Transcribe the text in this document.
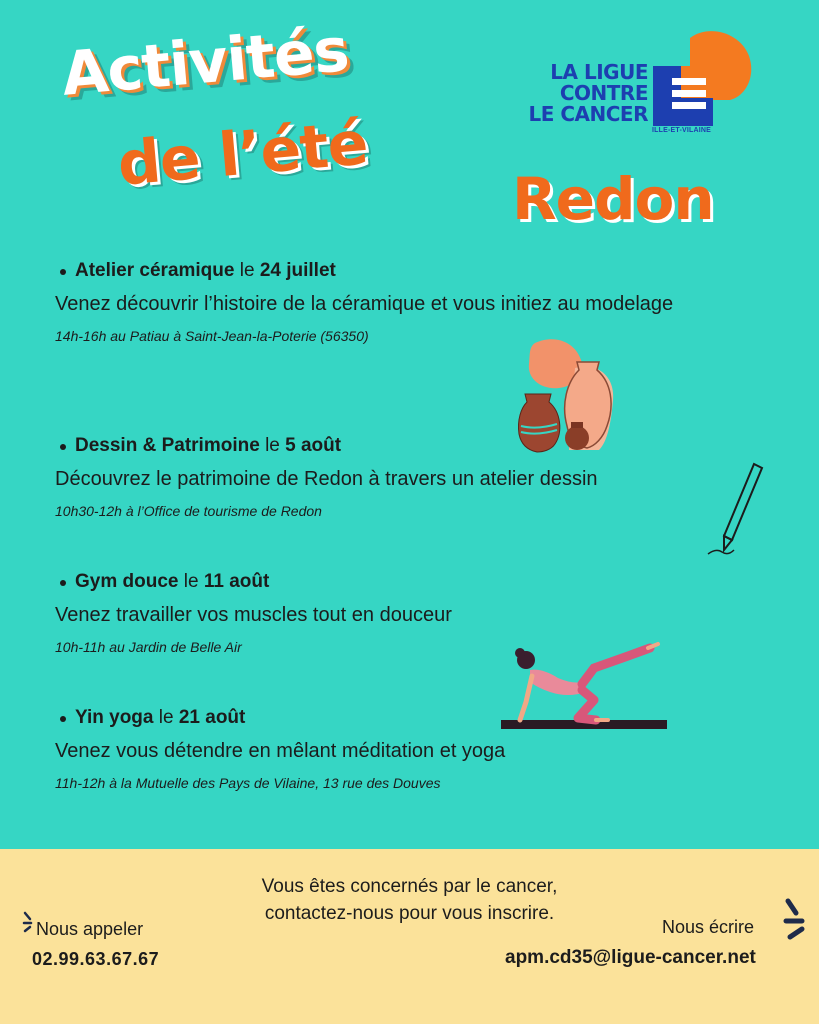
Activités
de l’été
LA LIGUE
CONTRE
LE CANCER
ILLE-ET-VILAINE
Redon

Atelier céramique le 24 juillet

Venez découvrir l’histoire de la céramique et vous initiez au modelage

14h-16h au Patiau à Saint-Jean-la-Poterie (56350)

Dessin & Patrimoine le 5 août

Découvrez le patrimoine de Redon à travers un atelier dessin

10h30-12h à l’Office de tourisme de Redon

Gym douce le 11 août

Venez travailler vos muscles tout en douceur

10h-11h au Jardin de Belle Air

Yin yoga le 21 août

Venez vous détendre en mêlant méditation et yoga

11h-12h à la Mutuelle des Pays de Vilaine, 13 rue des Douves

Vous êtes concernés par le cancer,
contactez-nous pour vous inscrire.

Nous appeler

02.99.63.67.67

Nous écrire

apm.cd35@ligue-cancer.net
